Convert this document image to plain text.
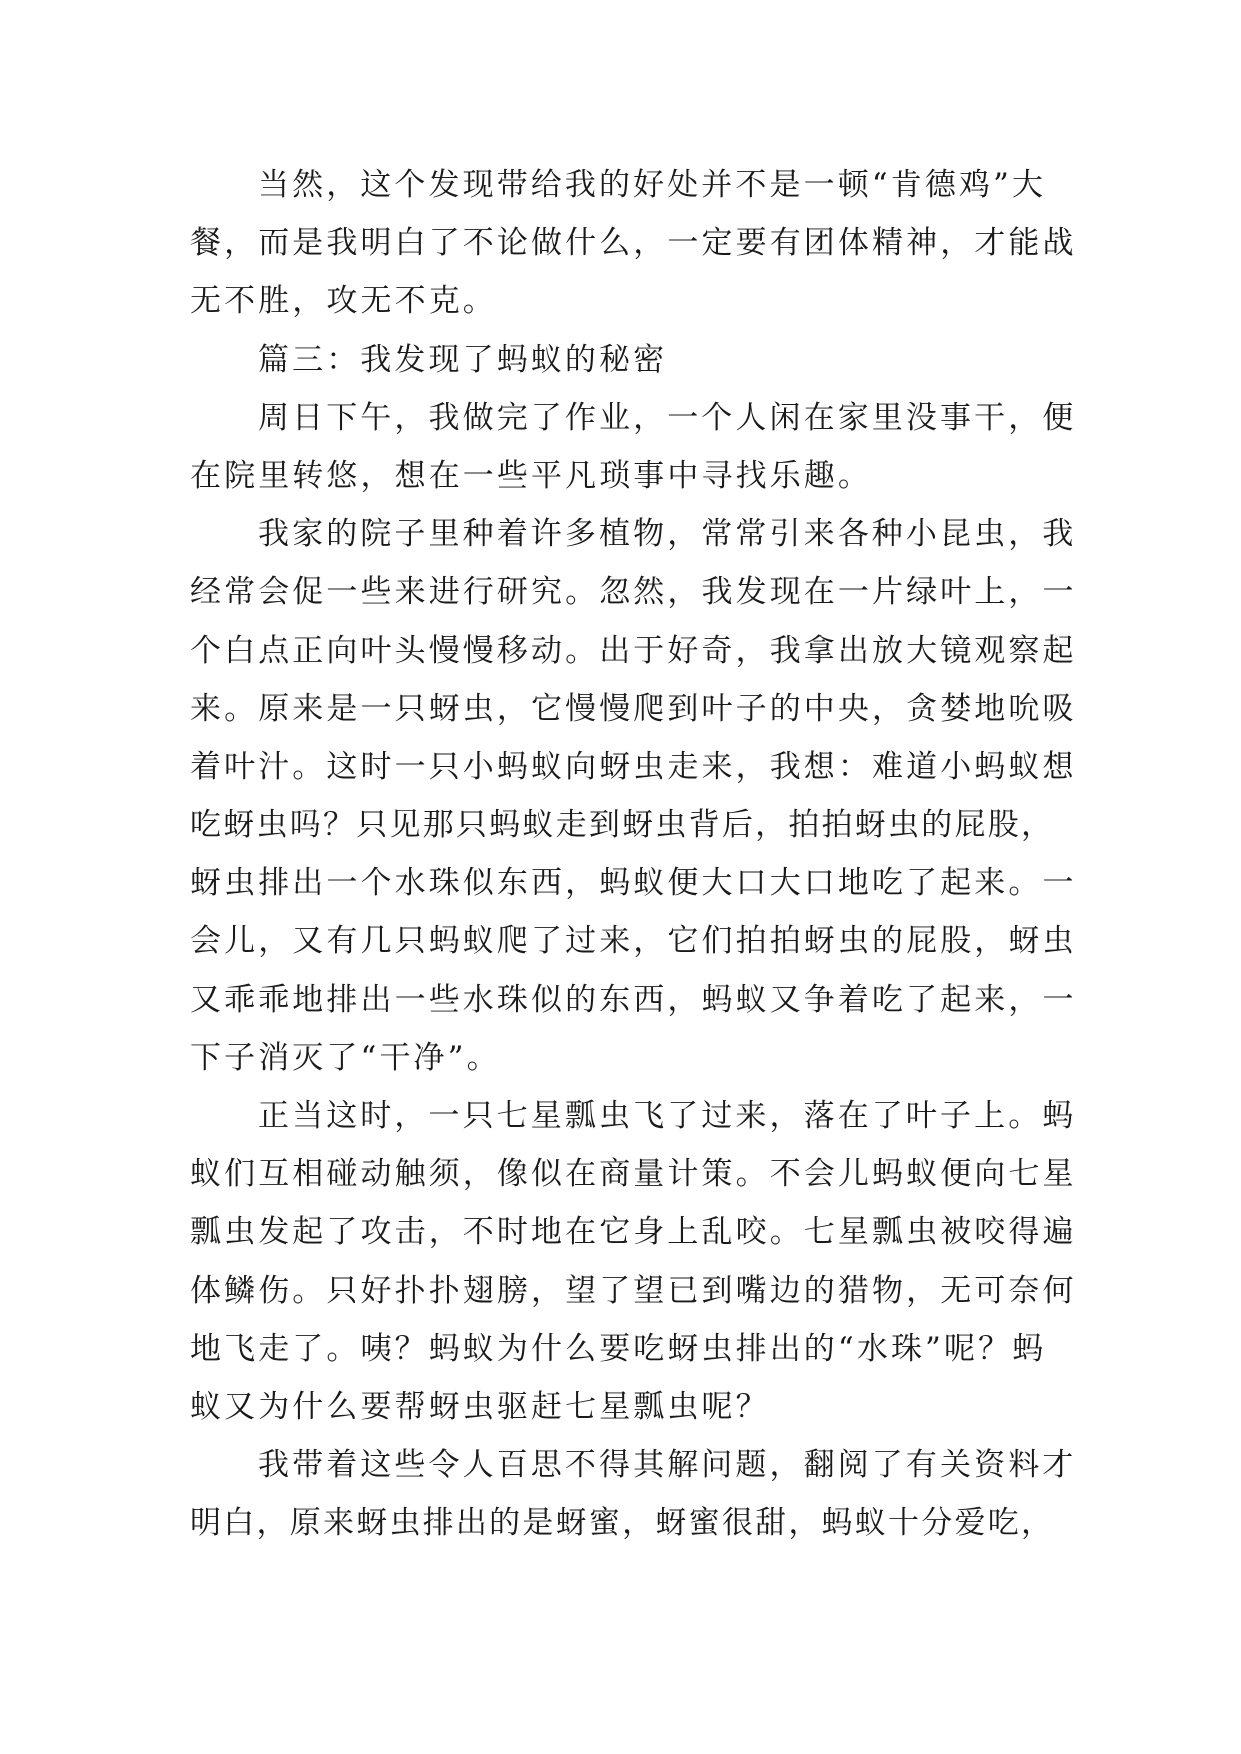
当然，这个发现带给我的好处并不是一顿“肯德鸡”大
餐，而是我明白了不论做什么，一定要有团体精神，才能战
无不胜，攻无不克。
篇三：我发现了蚂蚁的秘密
周日下午，我做完了作业，一个人闲在家里没事干，便
在院里转悠，想在一些平凡琐事中寻找乐趣。
我家的院子里种着许多植物，常常引来各种小昆虫，我
经常会促一些来进行研究。忽然，我发现在一片绿叶上，一
个白点正向叶头慢慢移动。出于好奇，我拿出放大镜观察起
来。原来是一只蚜虫，它慢慢爬到叶子的中央，贪婪地吮吸
着叶汁。这时一只小蚂蚁向蚜虫走来，我想：难道小蚂蚁想
吃蚜虫吗？只见那只蚂蚁走到蚜虫背后，拍拍蚜虫的屁股，
蚜虫排出一个水珠似东西，蚂蚁便大口大口地吃了起来。一
会儿，又有几只蚂蚁爬了过来，它们拍拍蚜虫的屁股，蚜虫
又乖乖地排出一些水珠似的东西，蚂蚁又争着吃了起来，一
下子消灭了“干净”。
正当这时，一只七星瓢虫飞了过来，落在了叶子上。蚂
蚁们互相碰动触须，像似在商量计策。不会儿蚂蚁便向七星
瓢虫发起了攻击，不时地在它身上乱咬。七星瓢虫被咬得遍
体鳞伤。只好扑扑翅膀，望了望已到嘴边的猎物，无可奈何
地飞走了。咦？蚂蚁为什么要吃蚜虫排出的“水珠”呢？蚂
蚁又为什么要帮蚜虫驱赶七星瓢虫呢？
我带着这些令人百思不得其解问题，翻阅了有关资料才
明白，原来蚜虫排出的是蚜蜜，蚜蜜很甜，蚂蚁十分爱吃，
